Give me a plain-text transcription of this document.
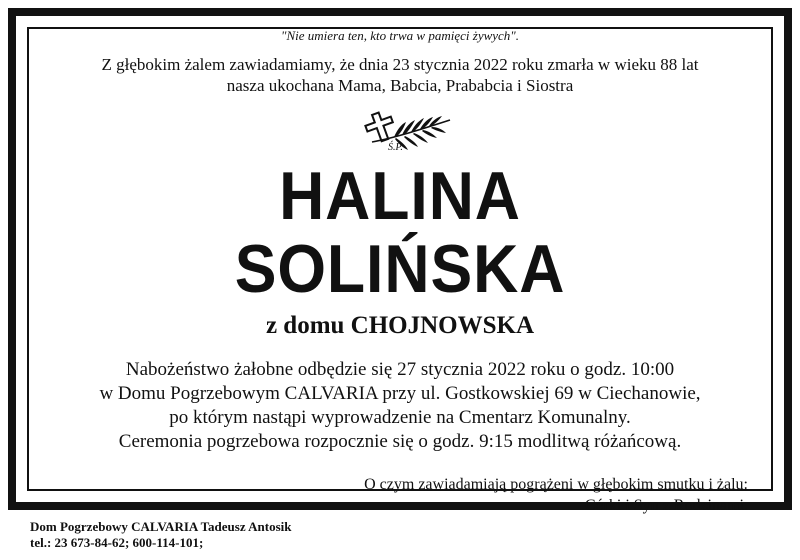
"Nie umiera ten, kto trwa w pamięci żywych".
Z głębokim żalem zawiadamiamy, że dnia 23 stycznia 2022 roku zmarła w wieku 88 lat
nasza ukochana Mama, Babcia, Prababcia i Siostra
Ś.P.
HALINA
SOLIŃSKA
z domu CHOJNOWSKA
Nabożeństwo żałobne odbędzie się 27 stycznia 2022 roku o godz. 10:00
w Domu Pogrzebowym CALVARIA przy ul. Gostkowskiej 69 w Ciechanowie,
po którym nastąpi wyprowadzenie na Cmentarz Komunalny.
Ceremonia pogrzebowa rozpocznie się o godz. 9:15 modlitwą różańcową.
O czym zawiadamiają pogrążeni w głębokim smutku i żalu:
Córki i Syn z Rodzinami.
Dom Pogrzebowy CALVARIA Tadeusz Antosik
tel.: 23 673-84-62; 600-114-101;
